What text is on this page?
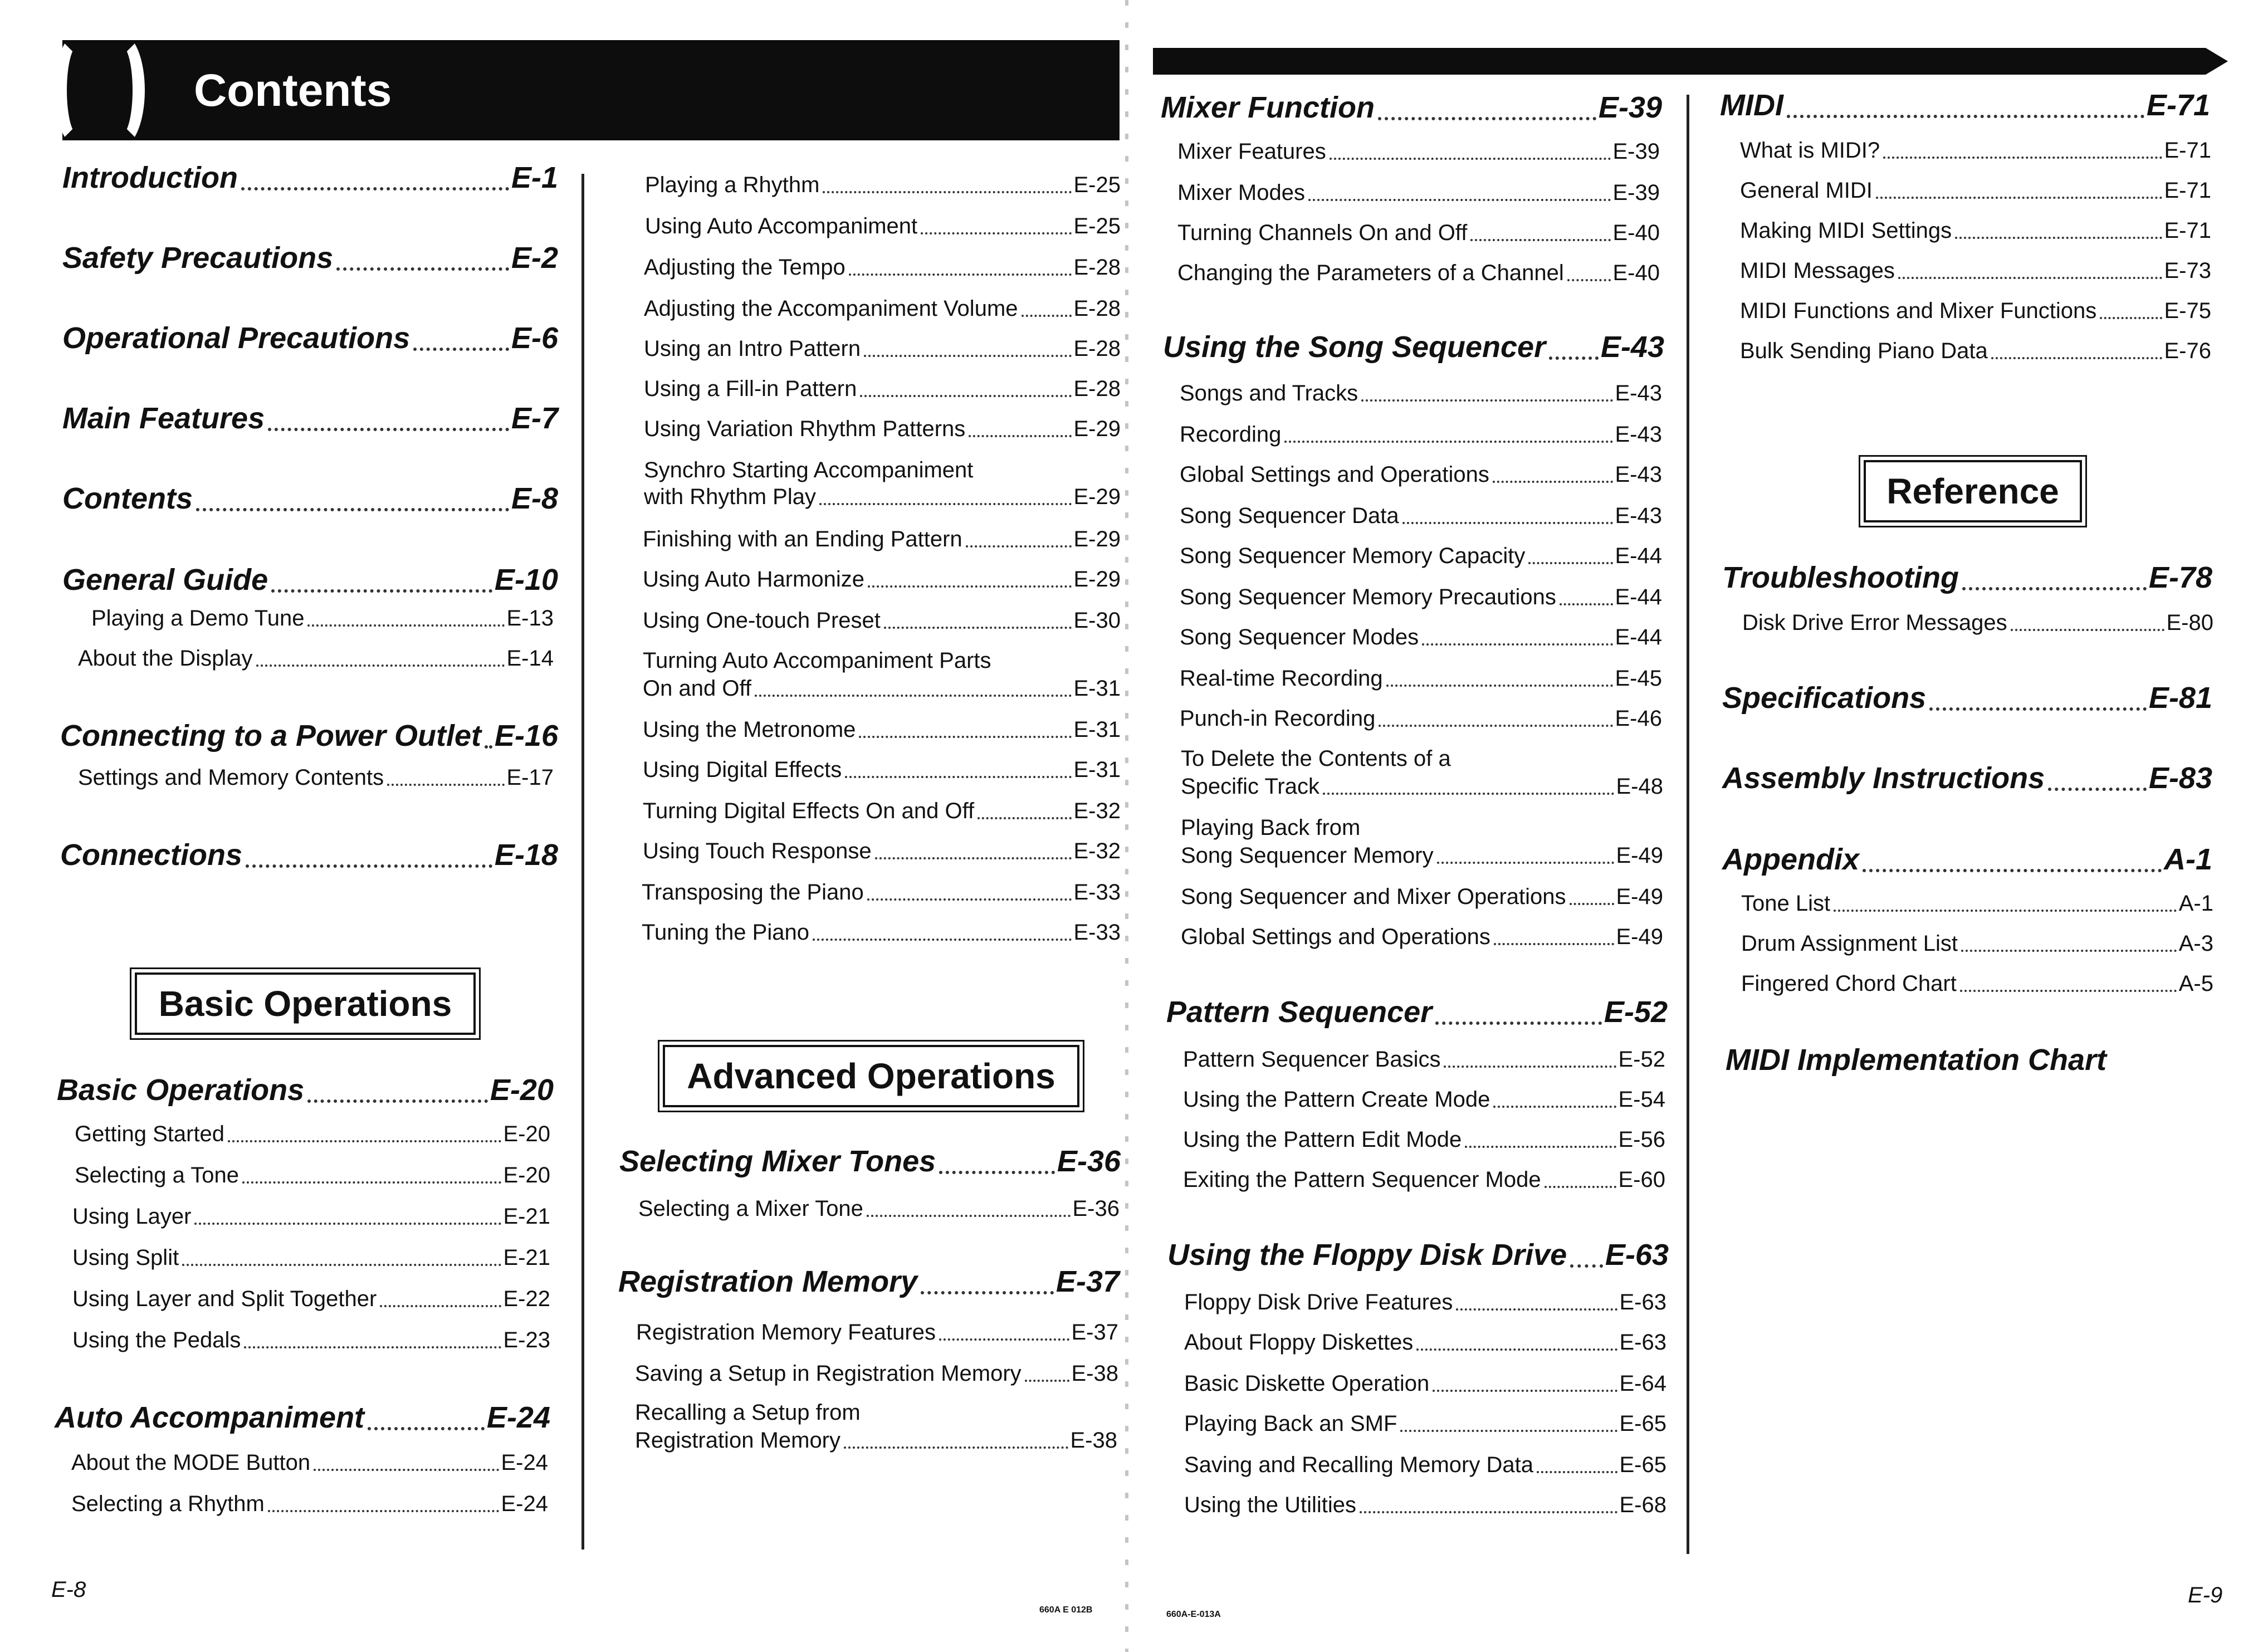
Contents
Introduction	E-1
Safety Precautions	E-2
Operational Precautions	E-6
Main Features	E-7
Contents	E-8
General Guide	E-10
Playing a Demo Tune	E-13
About the Display	E-14
Connecting to a Power Outlet E-16
Settings and Memory Contents	E-17
Connections	E-18
Basic Operations
Basic Operations	E-20
Getting Started	E-20
Selecting a Tone	E-20
Using Layer	E-21
Using Split	E-21
Using Layer and Split Together	E-22
Using the Pedals	E-23
Auto Accompaniment	E-24
About the MODE Button	E-24
Selecting a Rhythm	E-24
E-8
Playing a Rhythm	E-25
Using Auto Accompaniment	E-25
Adjusting the Tempo	E-28
Adjusting the Accompaniment Volume E-28
Using an Intro Pattern	E-28
Using a Fill-in Pattern	E-28
Using Variation Rhythm Patterns	E-29
Synchro Starting Accompaniment
with Rhythm Play	E-29
Finishing with an Ending Pattern	E-29
Using Auto Harmonize	E-29
Using One-touch Preset	E-30
Turning Auto Accompaniment Parts
On and Off	E-31
Using the Metronome	E-31
Using Digital Effects	E-31
Turning Digital Effects On and Off	E-32
Using Touch Response	E-32
Transposing the Piano	E-33
Tuning the Piano	E-33
Advanced Operations
Selecting Mixer Tones	E-36
Selecting a Mixer Tone	E-36
Registration Memory	E-37
Registration Memory Features	E-37
Saving a Setup in Registration Memory E-38
Recalling a Setup from
Registration Memory	E-38
660A E 012B
Mixer Function	E-39
Mixer Features	E-39
Mixer Modes	E-39
Turning Channels On and Off	E-40
Changing the Parameters of a Channel E-40
Using the Song Sequencer E-43
Songs and Tracks	E-43
Recording	E-43
Global Settings and Operations	E-43
Song Sequencer Data	E-43
Song Sequencer Memory Capacity	E-44
Song Sequencer Memory Precautions	E-44
Song Sequencer Modes	E-44
Real-time Recording	E-45
Punch-in Recording	E-46
To Delete the Contents of a
Specific Track	E-48
Playing Back from
Song Sequencer Memory	E-49
Song Sequencer and Mixer Operations E-49
Global Settings and Operations	E-49
Pattern Sequencer	E-52
Pattern Sequencer Basics	E-52
Using the Pattern Create Mode	E-54
Using the Pattern Edit Mode	E-56
Exiting the Pattern Sequencer Mode	E-60
Using the Floppy Disk Drive E-63
Floppy Disk Drive Features	E-63
About Floppy Diskettes	E-63
Basic Diskette Operation	E-64
Playing Back an SMF	E-65
Saving and Recalling Memory Data	E-65
Using the Utilities	E-68
660A-E-013A
MIDI	E-71
What is MIDI?	E-71
General MIDI	E-71
Making MIDI Settings	E-71
MIDI Messages	E-73
MIDI Functions and Mixer Functions	E-75
Bulk Sending Piano Data	E-76
Reference
Troubleshooting	E-78
Disk Drive Error Messages	E-80
Specifications	E-81
Assembly Instructions	E-83
Appendix	A-1
Tone List	A-1
Drum Assignment List	A-3
Fingered Chord Chart	A-5
MIDI Implementation Chart
E-9
